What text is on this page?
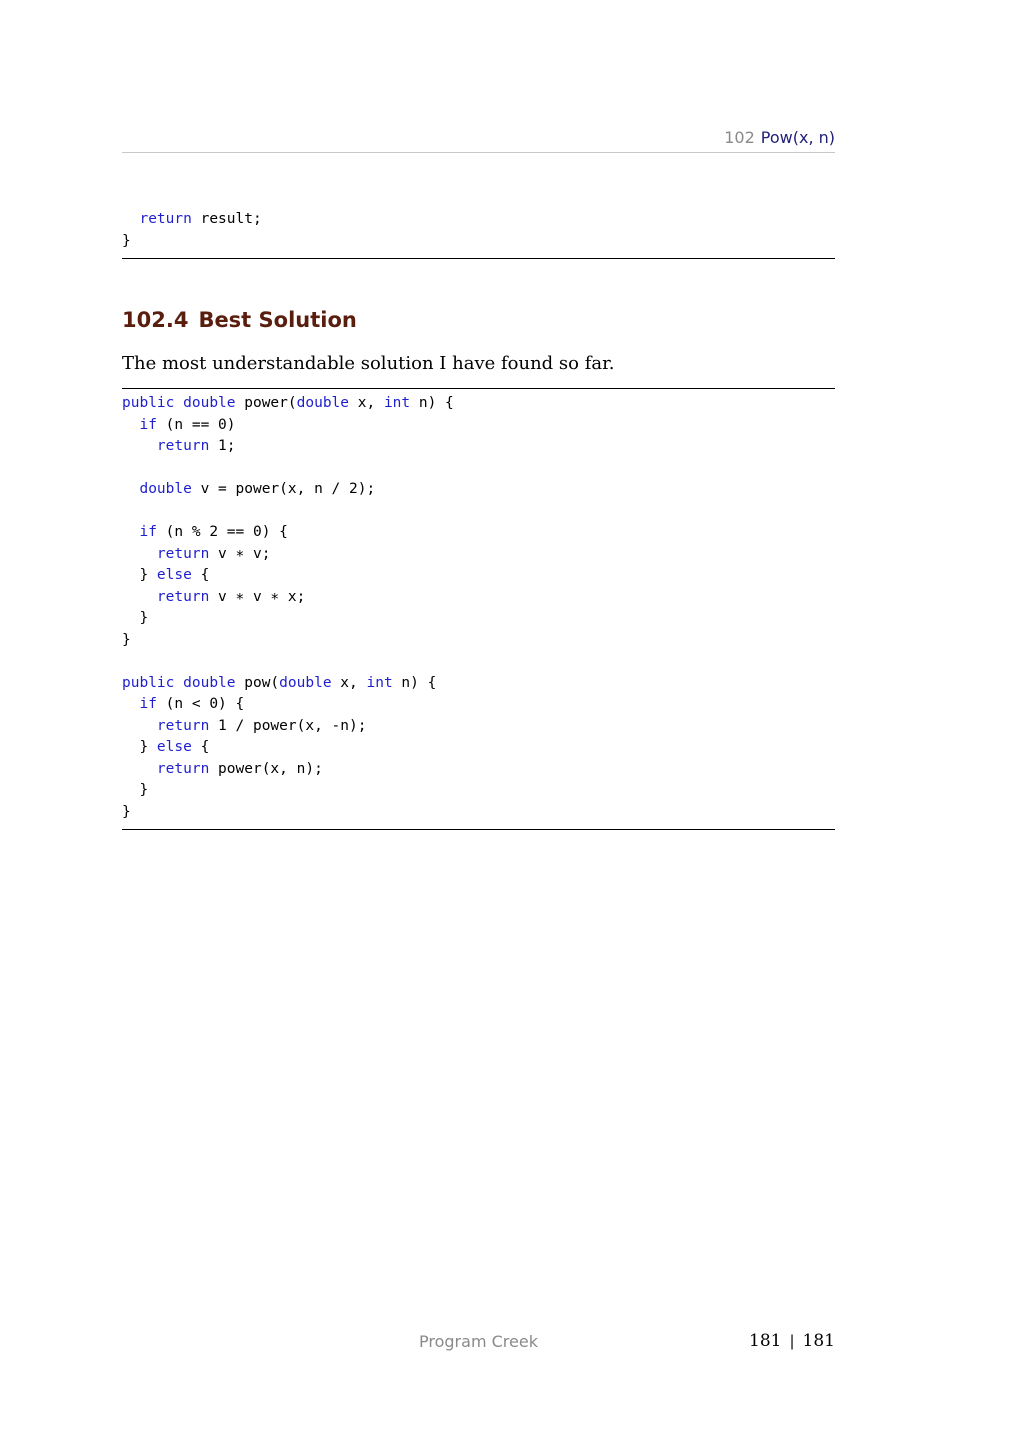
102 Pow(x, n)
return result;
}
102.4 Best Solution

The most understandable solution I have found so far.

public double power(double x, int n) {
if (n == 0)
return 1;

double v = power(x, n / 2);

if (n % 2 == 0) {
return v ∗ v;
} else {
return v ∗ v ∗ x;
}
}

public double pow(double x, int n) {
if (n < 0) {
return 1 / power(x, -n);
} else {
return power(x, n);
}
}
Program Creek	181 | 181
